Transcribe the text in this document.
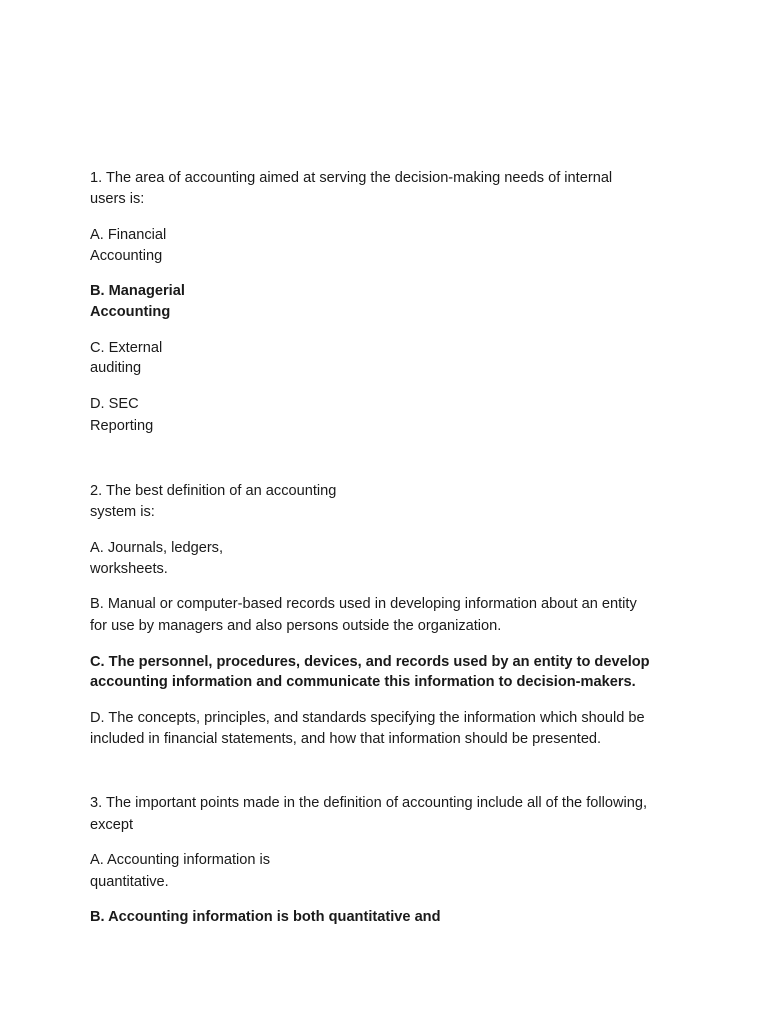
1. The area of accounting aimed at serving the decision-making needs of internal

users is:

A. Financial

Accounting

B. Managerial

Accounting

C. External

auditing

D. SEC

Reporting

2. The best definition of an accounting

system is:

A. Journals, ledgers,

worksheets.

B. Manual or computer-based records used in developing information about an entity

for use by managers and also persons outside the organization.

C. The personnel, procedures, devices, and records used by an entity to develop

accounting information and communicate this information to decision-makers.

D. The concepts, principles, and standards specifying the information which should be

included in financial statements, and how that information should be presented.

3. The important points made in the definition of accounting include all of the following,

except

A. Accounting information is

quantitative.

B. Accounting information is both quantitative and
